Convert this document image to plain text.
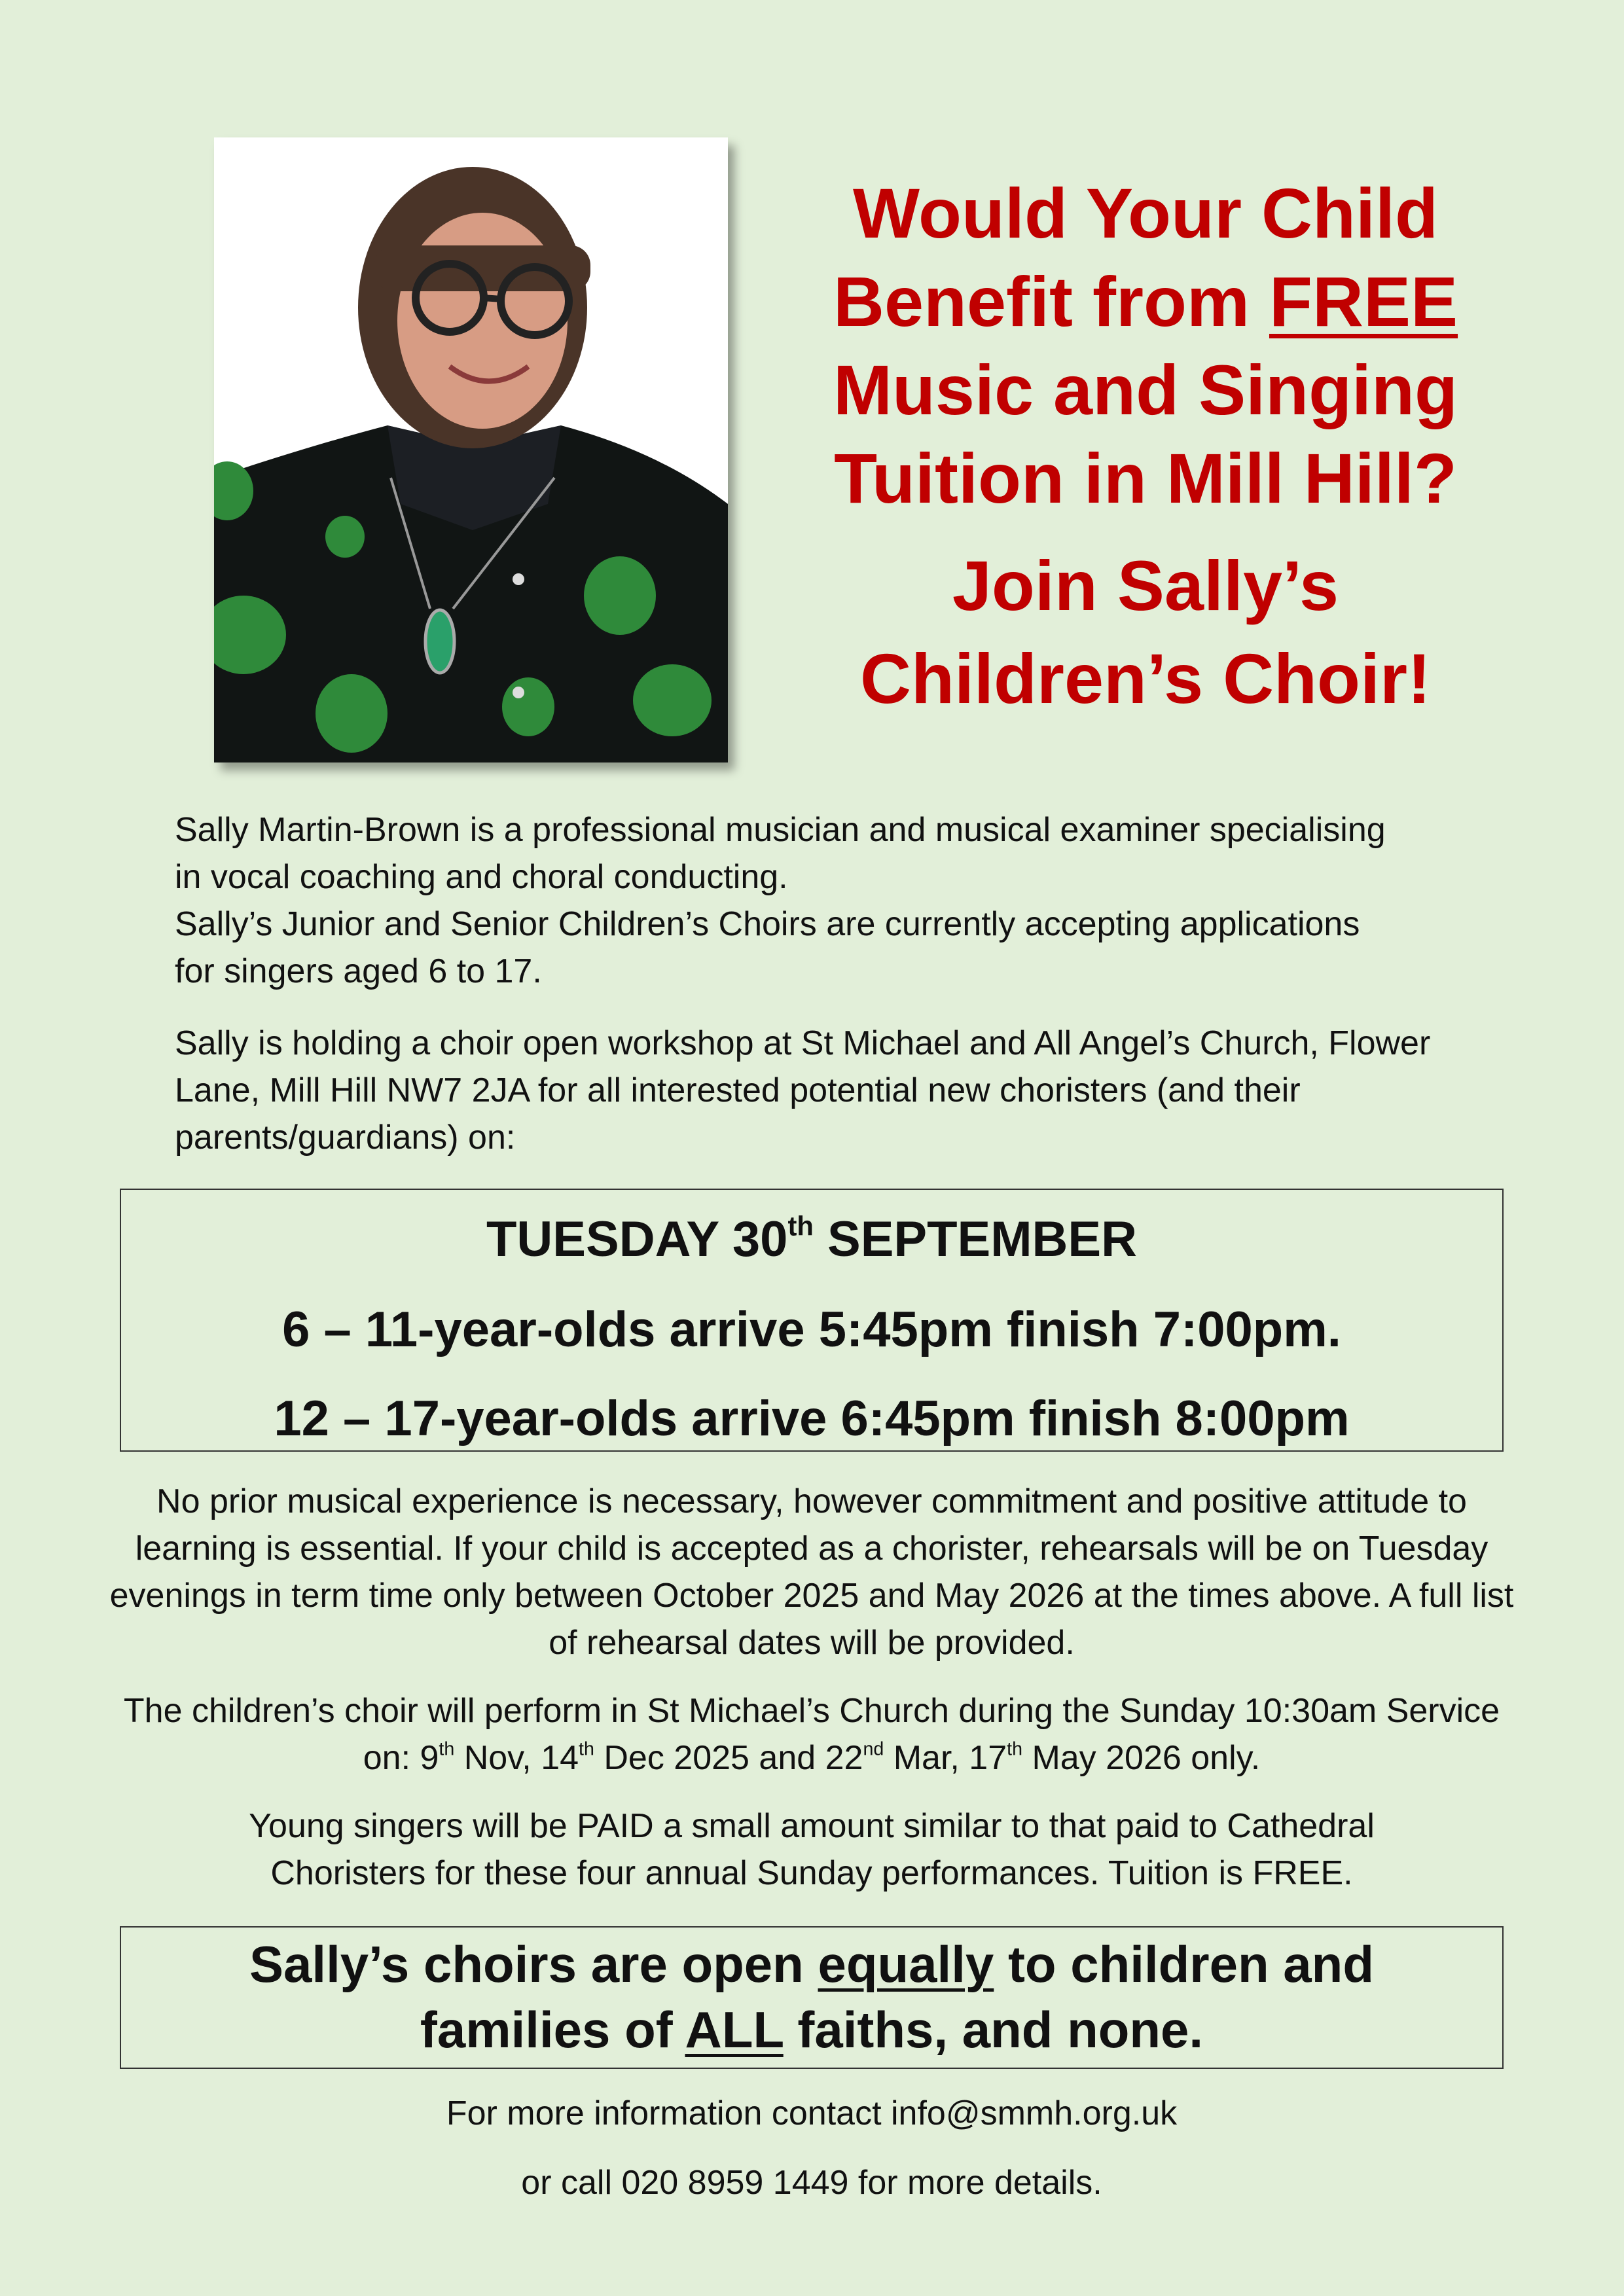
Would Your Child
Benefit from FREE
Music and Singing
Tuition in Mill Hill?
Join Sally’s
Children’s Choir!

Sally Martin-Brown is a professional musician and musical examiner specialising in vocal coaching and choral conducting.

Sally’s Junior and Senior Children’s Choirs are currently accepting applications for singers aged 6 to 17.

Sally is holding a choir open workshop at St Michael and All Angel’s Church, Flower Lane, Mill Hill NW7 2JA for all interested potential new choristers (and their parents/guardians) on:

TUESDAY 30th SEPTEMBER
6 – 11-year-olds arrive 5:45pm finish 7:00pm.
12 – 17-year-olds arrive 6:45pm finish 8:00pm

No prior musical experience is necessary, however commitment and positive attitude to learning is essential. If your child is accepted as a chorister, rehearsals will be on Tuesday evenings in term time only between October 2025 and May 2026 at the times above. A full list of rehearsal dates will be provided.

The children’s choir will perform in St Michael’s Church during the Sunday 10:30am Service on: 9th Nov, 14th Dec 2025 and 22nd Mar, 17th May 2026 only.

Young singers will be PAID a small amount similar to that paid to Cathedral Choristers for these four annual Sunday performances. Tuition is FREE.

Sally’s choirs are open equally to children and
families of ALL faiths, and none.

For more information contact info@smmh.org.uk

or call 020 8959 1449 for more details.
